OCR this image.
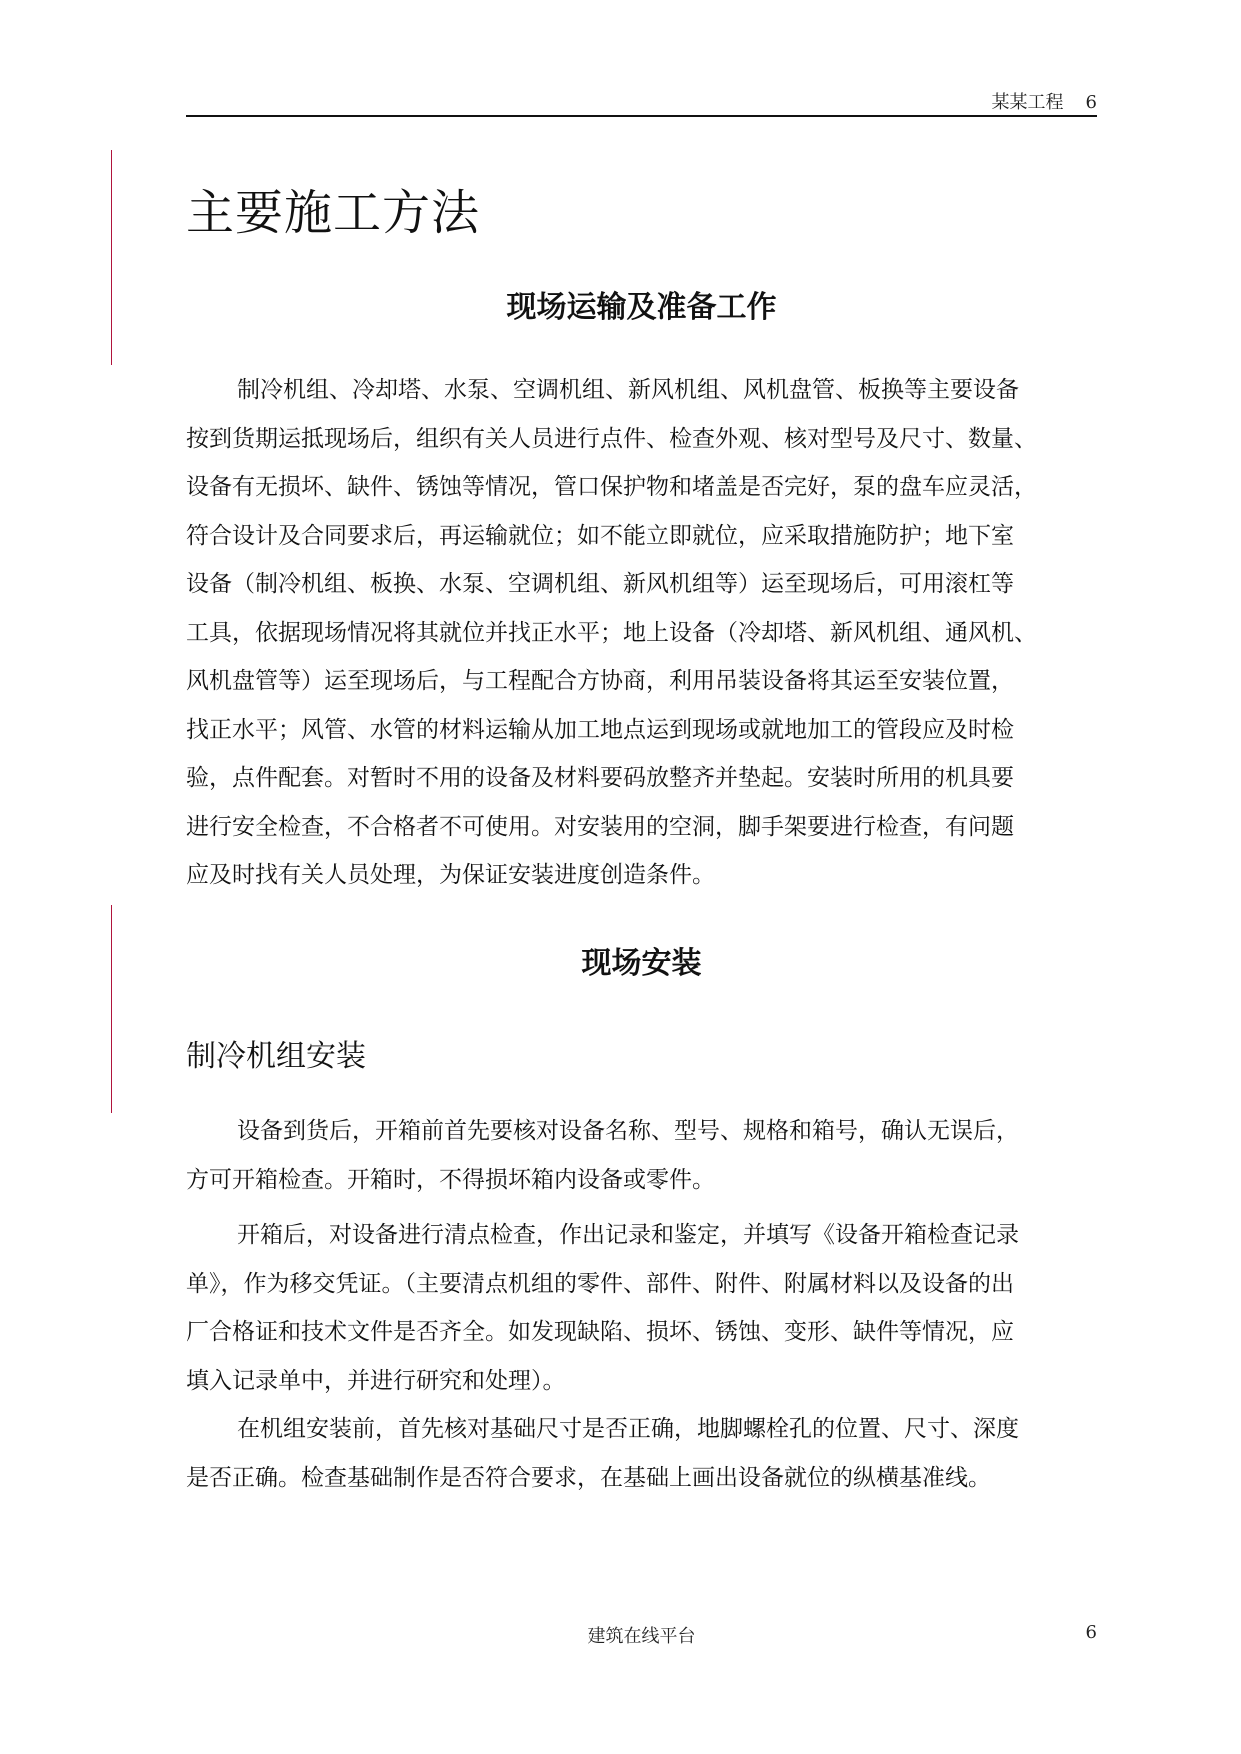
某某工程 6
主要施工方法
现场运输及准备工作
制冷机组、冷却塔、水泵、空调机组、新风机组、风机盘管、板换等主要设备
按到货期运抵现场后，组织有关人员进行点件、检查外观、核对型号及尺寸、数量、
设备有无损坏、缺件、锈蚀等情况，管口保护物和堵盖是否完好，泵的盘车应灵活，
符合设计及合同要求后，再运输就位；如不能立即就位，应采取措施防护；地下室
设备（制冷机组、板换、水泵、空调机组、新风机组等）运至现场后，可用滚杠等
工具，依据现场情况将其就位并找正水平；地上设备（冷却塔、新风机组、通风机、
风机盘管等）运至现场后，与工程配合方协商，利用吊装设备将其运至安装位置，
找正水平；风管、水管的材料运输从加工地点运到现场或就地加工的管段应及时检
验，点件配套。对暂时不用的设备及材料要码放整齐并垫起。安装时所用的机具要
进行安全检查，不合格者不可使用。对安装用的空洞，脚手架要进行检查，有问题
应及时找有关人员处理，为保证安装进度创造条件。
现场安装
制冷机组安装
设备到货后，开箱前首先要核对设备名称、型号、规格和箱号，确认无误后，
方可开箱检查。开箱时，不得损坏箱内设备或零件。
开箱后，对设备进行清点检查，作出记录和鉴定，并填写《设备开箱检查记录
单》，作为移交凭证。（主要清点机组的零件、部件、附件、附属材料以及设备的出
厂合格证和技术文件是否齐全。如发现缺陷、损坏、锈蚀、变形、缺件等情况，应
填入记录单中，并进行研究和处理）。
在机组安装前，首先核对基础尺寸是否正确，地脚螺栓孔的位置、尺寸、深度
是否正确。检查基础制作是否符合要求，在基础上画出设备就位的纵横基准线。
建筑在线平台	6
